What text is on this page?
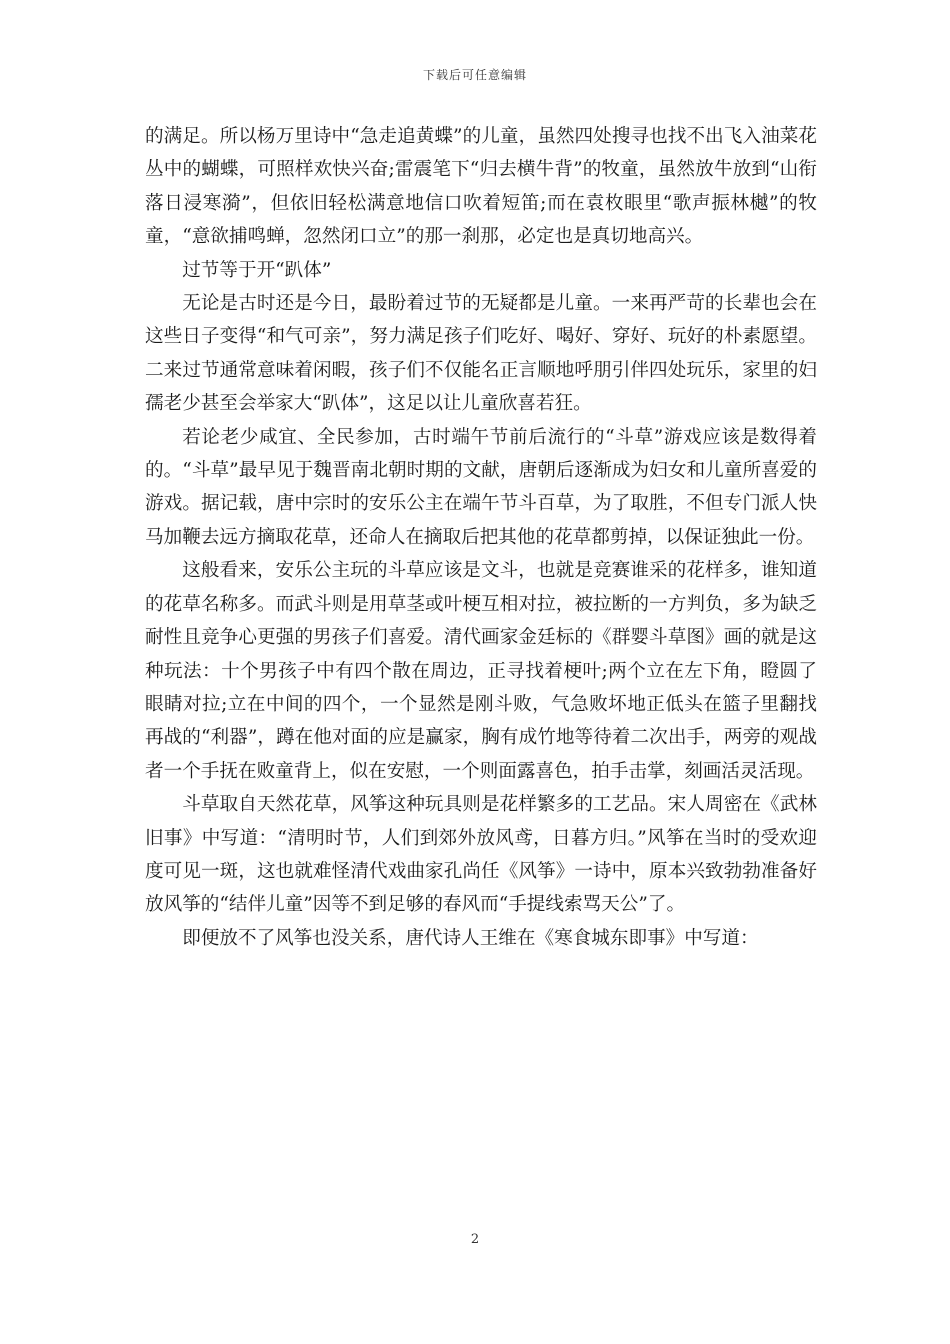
下载后可任意编辑

的满足。所以杨万里诗中“急走追黄蝶”的儿童，虽然四处搜寻也找不出飞入油菜花丛中的蝴蝶，可照样欢快兴奋;雷震笔下“归去横牛背”的牧童，虽然放牛放到“山衔落日浸寒漪”，但依旧轻松满意地信口吹着短笛;而在袁枚眼里“歌声振林樾”的牧童，“意欲捕鸣蝉，忽然闭口立”的那一刹那，必定也是真切地高兴。

过节等于开“趴体”

无论是古时还是今日，最盼着过节的无疑都是儿童。一来再严苛的长辈也会在这些日子变得“和气可亲”，努力满足孩子们吃好、喝好、穿好、玩好的朴素愿望。二来过节通常意味着闲暇，孩子们不仅能名正言顺地呼朋引伴四处玩乐，家里的妇孺老少甚至会举家大“趴体”，这足以让儿童欣喜若狂。

若论老少咸宜、全民参加，古时端午节前后流行的“斗草”游戏应该是数得着的。“斗草”最早见于魏晋南北朝时期的文献，唐朝后逐渐成为妇女和儿童所喜爱的游戏。据记载，唐中宗时的安乐公主在端午节斗百草，为了取胜，不但专门派人快马加鞭去远方摘取花草，还命人在摘取后把其他的花草都剪掉，以保证独此一份。

这般看来，安乐公主玩的斗草应该是文斗，也就是竞赛谁采的花样多，谁知道的花草名称多。而武斗则是用草茎或叶梗互相对拉，被拉断的一方判负，多为缺乏耐性且竞争心更强的男孩子们喜爱。清代画家金廷标的《群婴斗草图》画的就是这种玩法：十个男孩子中有四个散在周边，正寻找着梗叶;两个立在左下角，瞪圆了眼睛对拉;立在中间的四个，一个显然是刚斗败，气急败坏地正低头在篮子里翻找再战的“利器”，蹲在他对面的应是赢家，胸有成竹地等待着二次出手，两旁的观战者一个手抚在败童背上，似在安慰，一个则面露喜色，拍手击掌，刻画活灵活现。

斗草取自天然花草，风筝这种玩具则是花样繁多的工艺品。宋人周密在《武林旧事》中写道：“清明时节，人们到郊外放风鸢，日暮方归。”风筝在当时的受欢迎度可见一斑，这也就难怪清代戏曲家孔尚任《风筝》一诗中，原本兴致勃勃准备好放风筝的“结伴儿童”因等不到足够的春风而“手提线索骂天公”了。

即便放不了风筝也没关系，唐代诗人王维在《寒食城东即事》中写道：

2
